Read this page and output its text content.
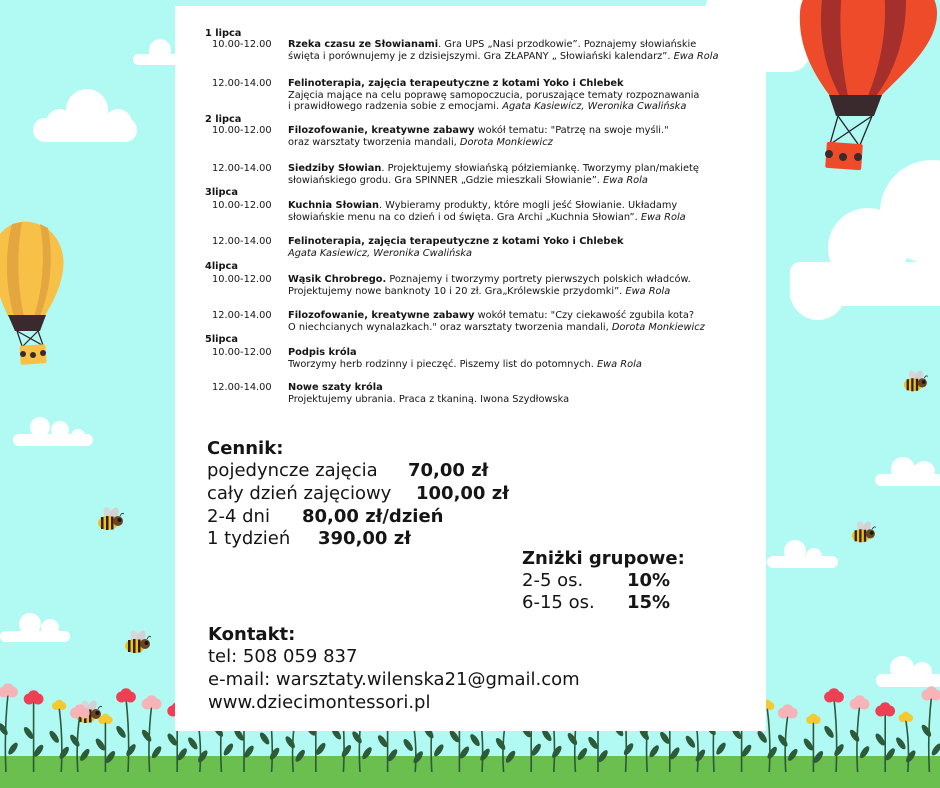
1 lipca
10.00-12.00 Rzeka czasu ze Słowianami. Gra UPS „Nasi przodkowie”. Poznajemy słowiańskie
święta i porównujemy je z dzisiejszymi. Gra ZŁAPANY „ Słowiański kalendarz”. Ewa Rola
12.00-14.00 Felinoterapia, zajęcia terapeutyczne z kotami Yoko i Chlebek
Zajęcia mające na celu poprawę samopoczucia, poruszające tematy rozpoznawania
i prawidłowego radzenia sobie z emocjami. Agata Kasiewicz, Weronika Cwalińska
2 lipca
10.00-12.00 Filozofowanie, kreatywne zabawy wokół tematu: "Patrzę na swoje myśli."
oraz warsztaty tworzenia mandali, Dorota Monkiewicz
12.00-14.00 Siedziby Słowian. Projektujemy słowiańską półziemiankę. Tworzymy plan/makietę
słowiańskiego grodu. Gra SPINNER „Gdzie mieszkali Słowianie”. Ewa Rola
3lipca
10.00-12.00 Kuchnia Słowian. Wybieramy produkty, które mogli jeść Słowianie. Układamy
słowiańskie menu na co dzień i od święta. Gra Archi „Kuchnia Słowian”. Ewa Rola
12.00-14.00 Felinoterapia, zajęcia terapeutyczne z kotami Yoko i Chlebek
Agata Kasiewicz, Weronika Cwalińska
4lipca
10.00-12.00 Wąsik Chrobrego. Poznajemy i tworzymy portrety pierwszych polskich władców.
Projektujemy nowe banknoty 10 i 20 zł. Gra„Królewskie przydomki”. Ewa Rola
12.00-14.00 Filozofowanie, kreatywne zabawy wokół tematu: "Czy ciekawość zgubila kota?
O niechcianych wynalazkach." oraz warsztaty tworzenia mandali, Dorota Monkiewicz
5lipca
10.00-12.00 Podpis króla
Tworzymy herb rodzinny i pieczęć. Piszemy list do potomnych. Ewa Rola
12.00-14.00 Nowe szaty króla
Projektujemy ubrania. Praca z tkaniną. Iwona Szydłowska
Cennik:
pojedyncze zajęcia 70,00 zł
cały dzień zajęciowy 100,00 zł
2-4 dni 80,00 zł/dzień
1 tydzień 390,00 zł
Zniżki grupowe:
2-5 os. 10%
6-15 os. 15%
Kontakt:
tel: 508 059 837
e-mail: warsztaty.wilenska21@gmail.com
www.dziecimontessori.pl
